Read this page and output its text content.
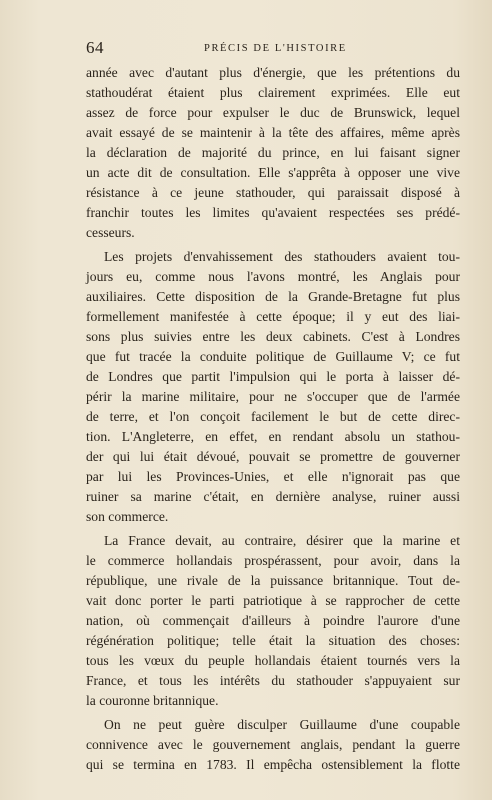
64	PRÉCIS DE L'HISTOIRE
année avec d'autant plus d'énergie, que les prétentions du
stathoudérat étaient plus clairement exprimées. Elle eut
assez de force pour expulser le duc de Brunswick, lequel
avait essayé de se maintenir à la tête des affaires, même après
la déclaration de majorité du prince, en lui faisant signer
un acte dit de consultation. Elle s'apprêta à opposer une vive
résistance à ce jeune stathouder, qui paraissait disposé à
franchir toutes les limites qu'avaient respectées ses prédé-
cesseurs.
Les projets d'envahissement des stathouders avaient tou-
jours eu, comme nous l'avons montré, les Anglais pour
auxiliaires. Cette disposition de la Grande-Bretagne fut plus
formellement manifestée à cette époque; il y eut des liai-
sons plus suivies entre les deux cabinets. C'est à Londres
que fut tracée la conduite politique de Guillaume V; ce fut
de Londres que partit l'impulsion qui le porta à laisser dé-
périr la marine militaire, pour ne s'occuper que de l'armée
de terre, et l'on conçoit facilement le but de cette direc-
tion. L'Angleterre, en effet, en rendant absolu un stathou-
der qui lui était dévoué, pouvait se promettre de gouverner
par lui les Provinces-Unies, et elle n'ignorait pas que
ruiner sa marine c'était, en dernière analyse, ruiner aussi
son commerce.
La France devait, au contraire, désirer que la marine et
le commerce hollandais prospérassent, pour avoir, dans la
république, une rivale de la puissance britannique. Tout de-
vait donc porter le parti patriotique à se rapprocher de cette
nation, où commençait d'ailleurs à poindre l'aurore d'une
régénération politique; telle était la situation des choses:
tous les vœux du peuple hollandais étaient tournés vers la
France, et tous les intérêts du stathouder s'appuyaient sur
la couronne britannique.
On ne peut guère disculper Guillaume d'une coupable
connivence avec le gouvernement anglais, pendant la guerre
qui se termina en 1783. Il empêcha ostensiblement la flotte
